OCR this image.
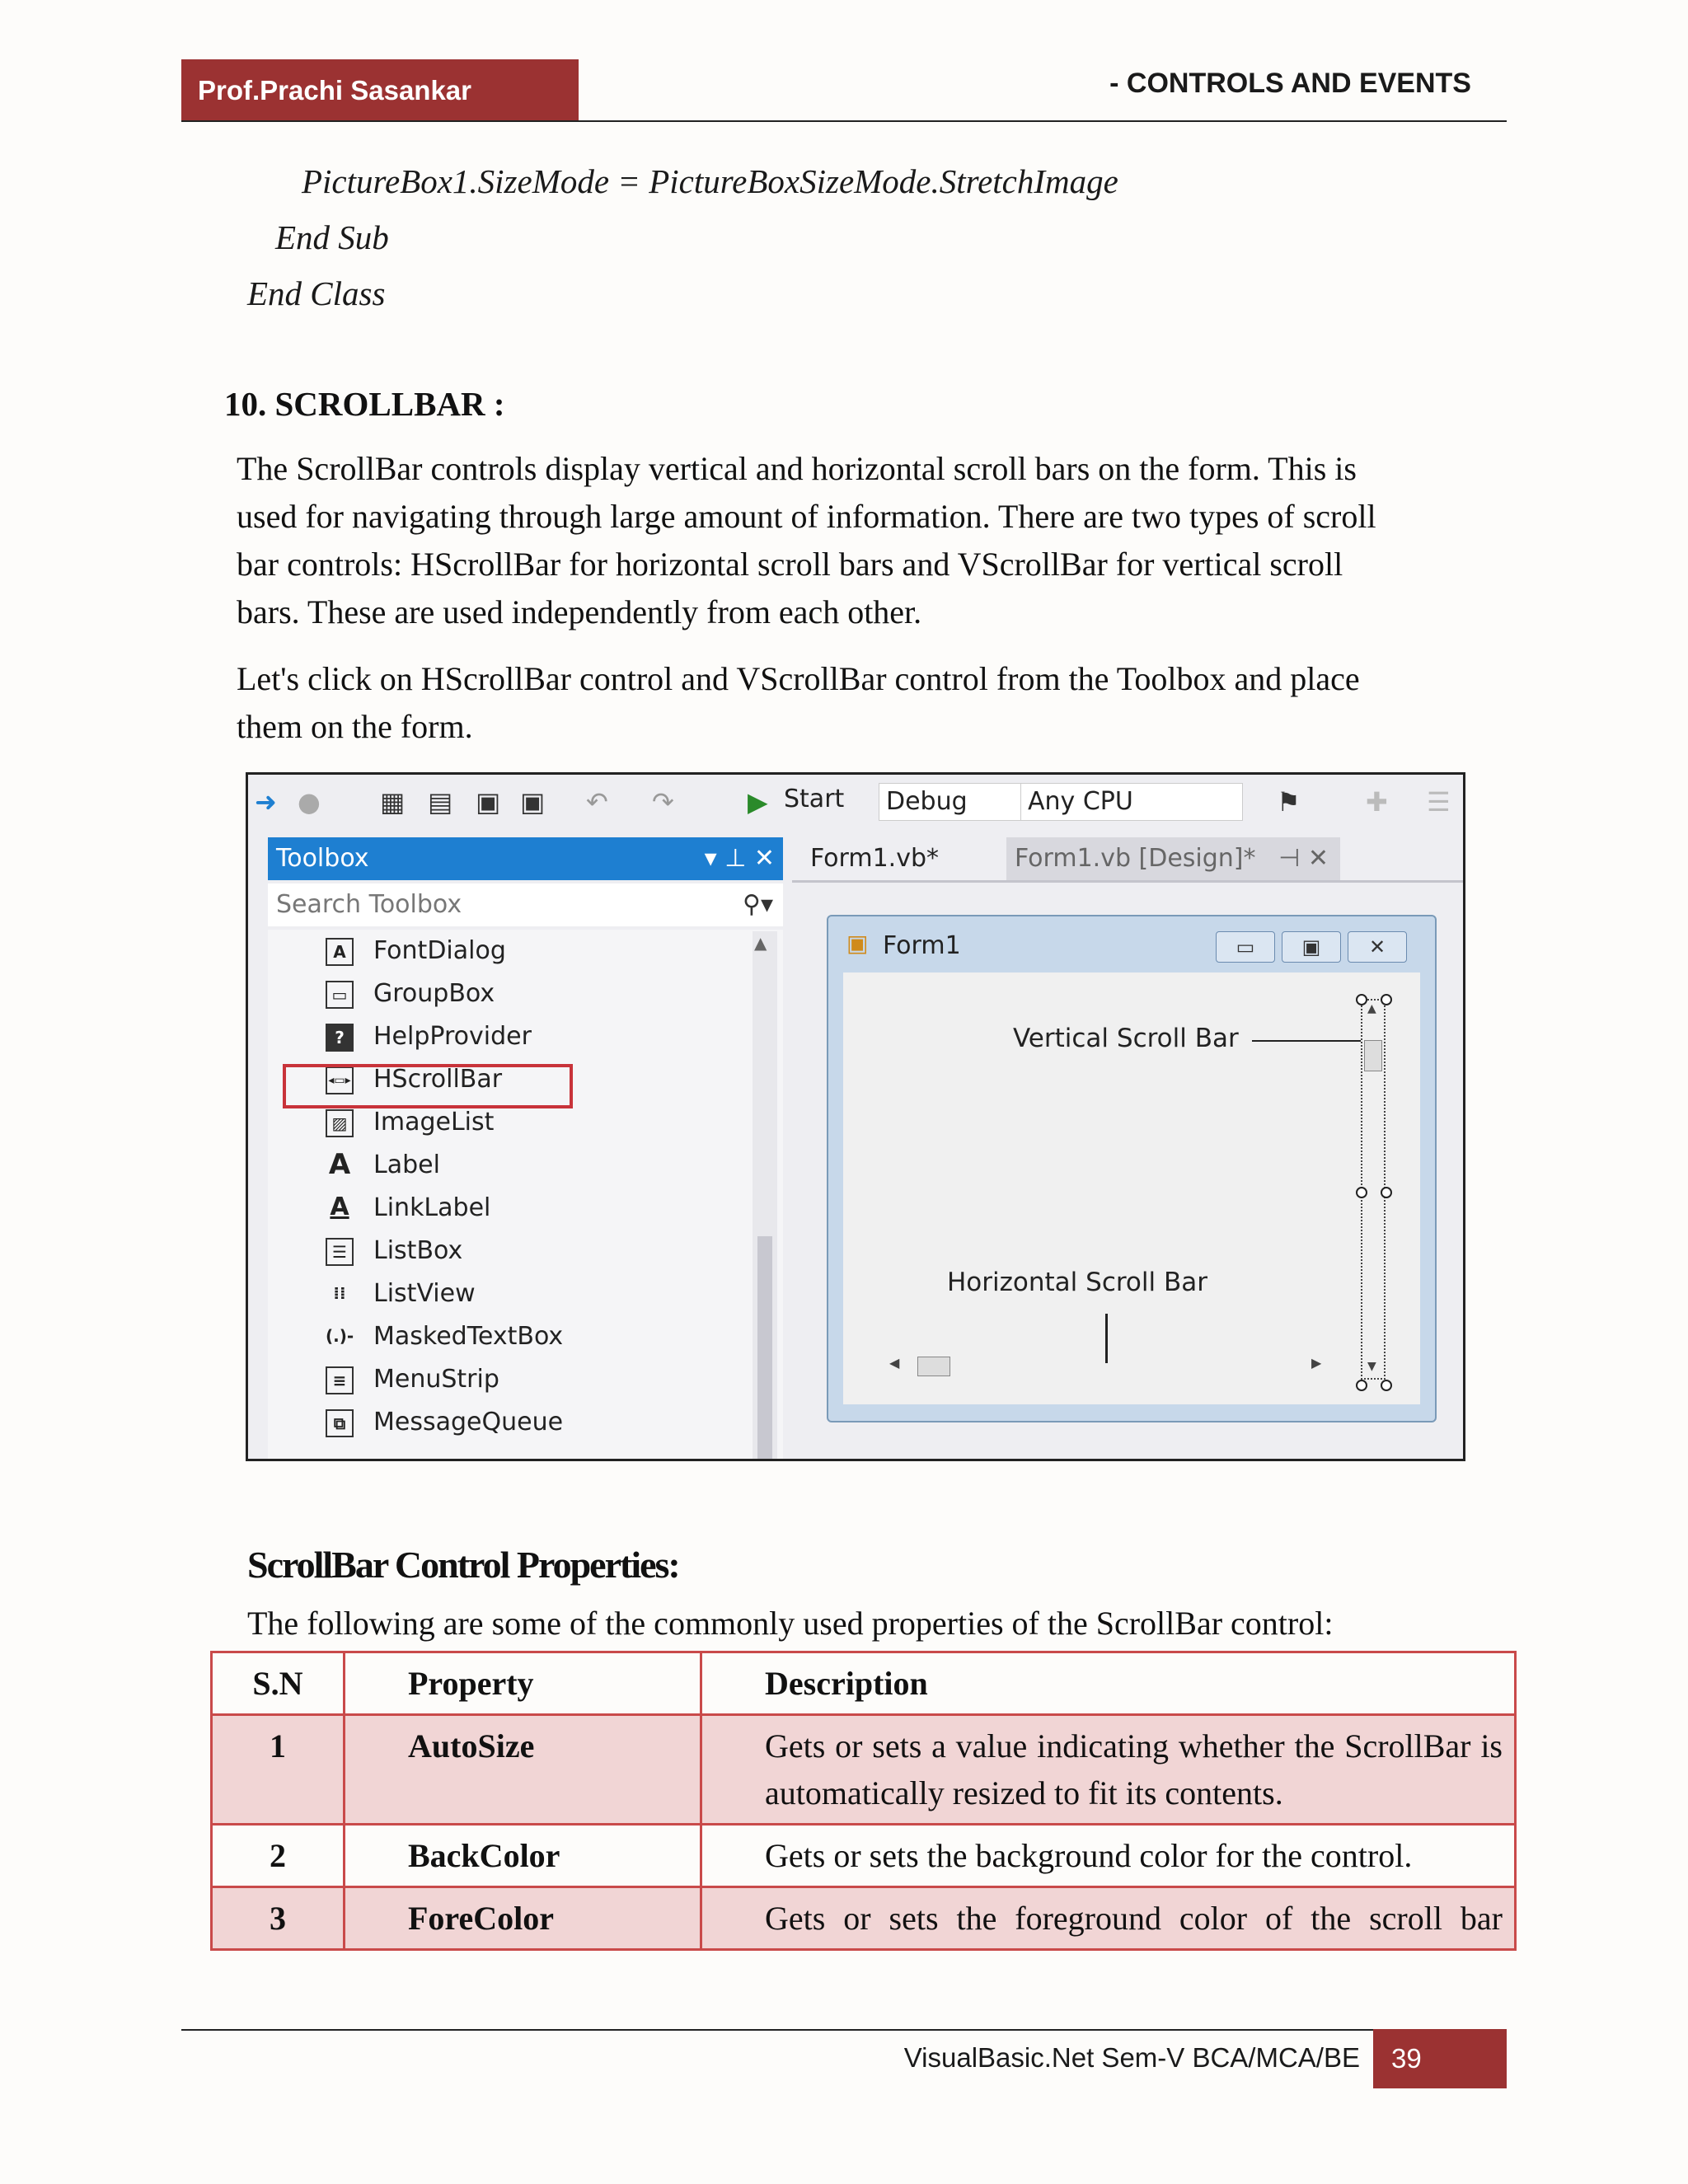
Prof.Prachi Sasankar	- CONTROLS AND EVENTS
PictureBox1.SizeMode = PictureBoxSizeMode.StretchImage
End Sub
End Class
10. SCROLLBAR :
The ScrollBar controls display vertical and horizontal scroll bars on the form. This is
used for navigating through large amount of information. There are two types of scroll
bar controls: HScrollBar for horizontal scroll bars and VScrollBar for vertical scroll
bars. These are used independently from each other.
Let's click on HScrollBar control and VScrollBar control from the Toolbox and place
them on the form.
➜ ● ▦ ▤ ▣ ▣ ↶ ↷	▶ Start	Debug	Any CPU	⚑ ✚ ☰
Toolbox	▾ ⊥ ✕
Search Toolbox	⚲▾
A	FontDialog
▭ GroupBox
?	HelpProvider
◂▭▸ HScrollBar
▨ ImageList
A Label
A LinkLabel
☰ ListBox
⁞⁞	ListView
(.)- MaskedTextBox
≡ MenuStrip
⧉	MessageQueue
▲
Form1.vb*	Form1.vb [Design]* ⊣ ✕
▣ Form1	▭	▣	✕
Vertical Scroll Bar
▲
▼
Horizontal Scroll Bar
◀	▶
ScrollBar Control Properties:
The following are some of the commonly used properties of the ScrollBar control:
S.N	Property	Description
1	AutoSize	Gets or sets a value indicating whether the ScrollBar is automatically resized to fit its contents.
2	BackColor	Gets or sets the background color for the control.
3	ForeColor	Gets or sets the foreground color of the scroll bar
VisualBasic.Net Sem-V BCA/MCA/BE	39
